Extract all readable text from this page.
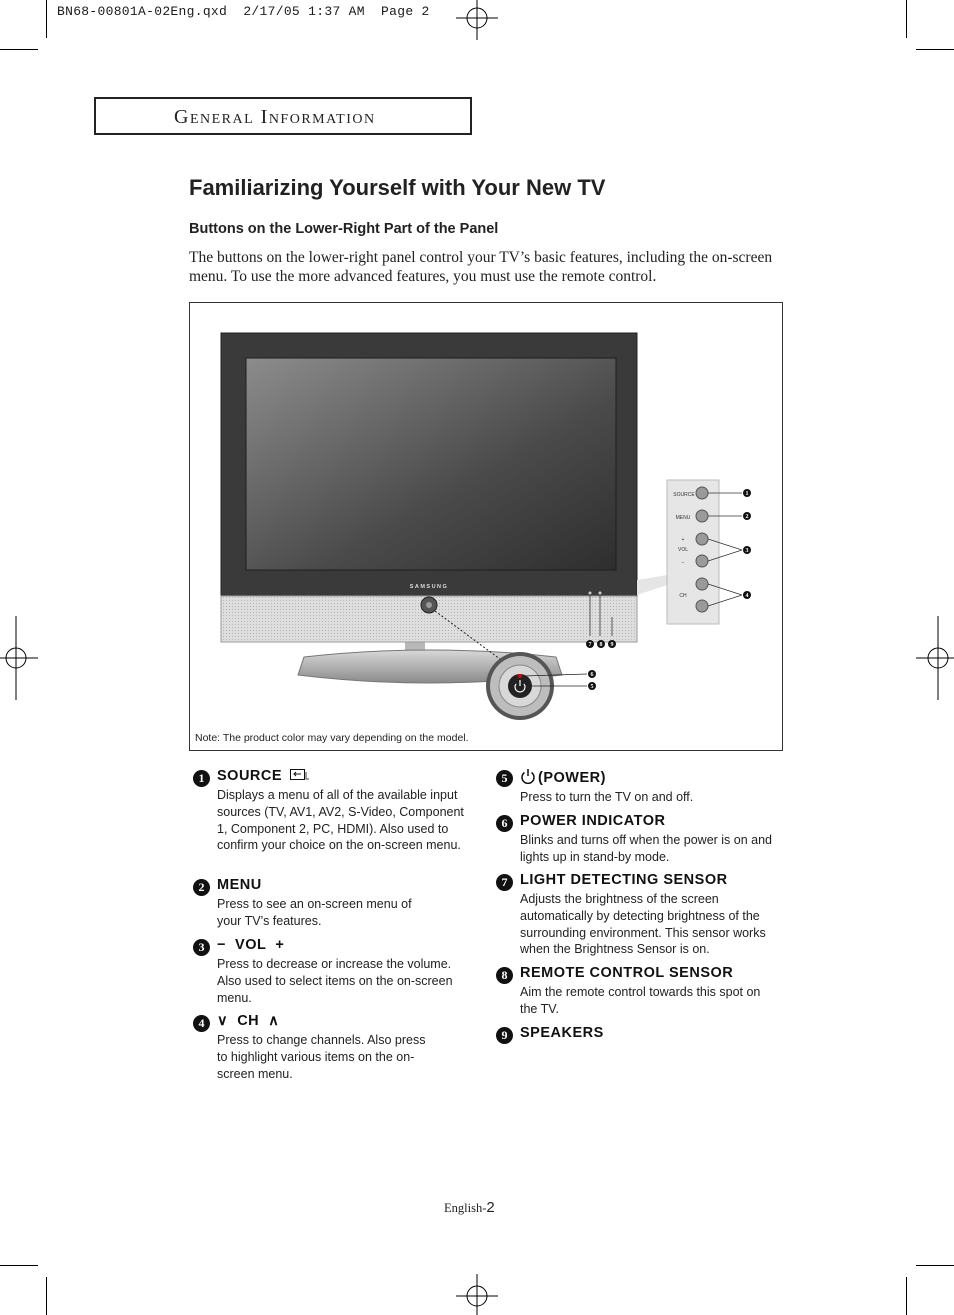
BN68-00801A-02Eng.qxd  2/17/05 1:37 AM  Page 2
General Information
Familiarizing Yourself with Your New TV
Buttons on the Lower-Right Part of the Panel
The buttons on the lower-right panel control your TV’s basic features, including the on-screen menu. To use the more advanced features, you must use the remote control.
SAMSUNG
SOURCE
MENU
+
VOL
−
CH
1
2
3
4
5
6
7 8 9
Note: The product color may vary depending on the model.
1 SOURCE
Displays a menu of all of the available input sources (TV, AV1, AV2, S-Video, Component 1, Component 2, PC, HDMI). Also used to confirm your choice on the on-screen menu.
2 MENU
Press to see an on-screen menu of your TV’s features.
3 − VOL +
Press to decrease or increase the volume. Also used to select items on the on-screen menu.
4 ∨ CH ∧
Press to change channels. Also press to highlight various items on the on-screen menu.
5	(POWER)
Press to turn the TV on and off.
6 POWER INDICATOR
Blinks and turns off when the power is on and lights up in stand-by mode.
7 LIGHT DETECTING SENSOR
Adjusts the brightness of the screen automatically by detecting brightness of the surrounding environment. This sensor works when the Brightness Sensor is on.
8 REMOTE CONTROL SENSOR
Aim the remote control towards this spot on the TV.
9 SPEAKERS
English-2
